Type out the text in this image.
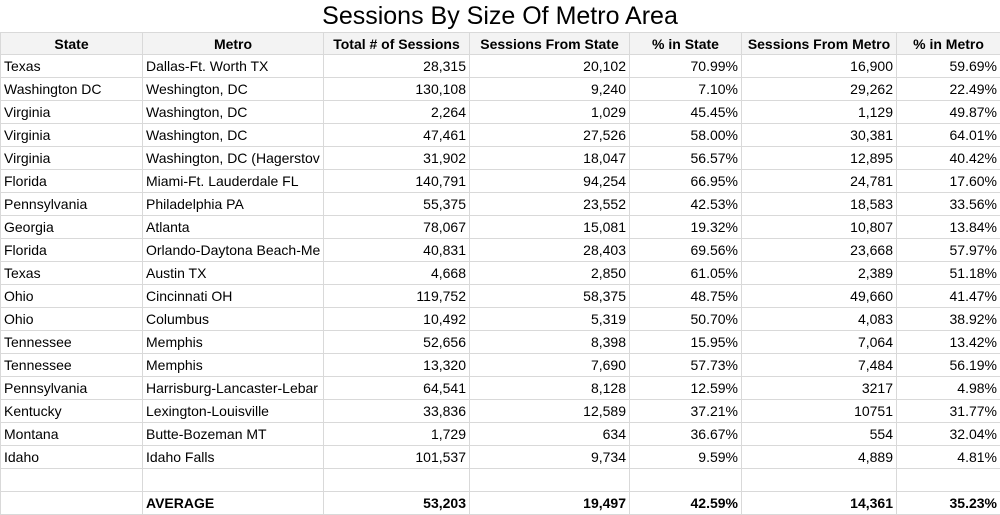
Sessions By Size Of Metro Area
State	Metro	Total # of Sessions	Sessions From State	% in State	Sessions From Metro	% in Metro
Texas	Dallas-Ft. Worth TX	28,315	20,102	70.99%	16,900	59.69%
Washington DC	Weshington, DC	130,108	9,240	7.10%	29,262	22.49%
Virginia	Washington, DC	2,264	1,029	45.45%	1,129	49.87%
Virginia	Washington, DC	47,461	27,526	58.00%	30,381	64.01%
Virginia	Washington, DC (Hagerstov	31,902	18,047	56.57%	12,895	40.42%
Florida	Miami-Ft. Lauderdale FL	140,791	94,254	66.95%	24,781	17.60%
Pennsylvania	Philadelphia PA	55,375	23,552	42.53%	18,583	33.56%
Georgia	Atlanta	78,067	15,081	19.32%	10,807	13.84%
Florida	Orlando-Daytona Beach-Me	40,831	28,403	69.56%	23,668	57.97%
Texas	Austin TX	4,668	2,850	61.05%	2,389	51.18%
Ohio	Cincinnati OH	119,752	58,375	48.75%	49,660	41.47%
Ohio	Columbus	10,492	5,319	50.70%	4,083	38.92%
Tennessee	Memphis	52,656	8,398	15.95%	7,064	13.42%
Tennessee	Memphis	13,320	7,690	57.73%	7,484	56.19%
Pennsylvania	Harrisburg-Lancaster-Lebar	64,541	8,128	12.59%	3217	4.98%
Kentucky	Lexington-Louisville	33,836	12,589	37.21%	10751	31.77%
Montana	Butte-Bozeman MT	1,729	634	36.67%	554	32.04%
Idaho	Idaho Falls	101,537	9,734	9.59%	4,889	4.81%

	AVERAGE	53,203	19,497	42.59%	14,361	35.23%
